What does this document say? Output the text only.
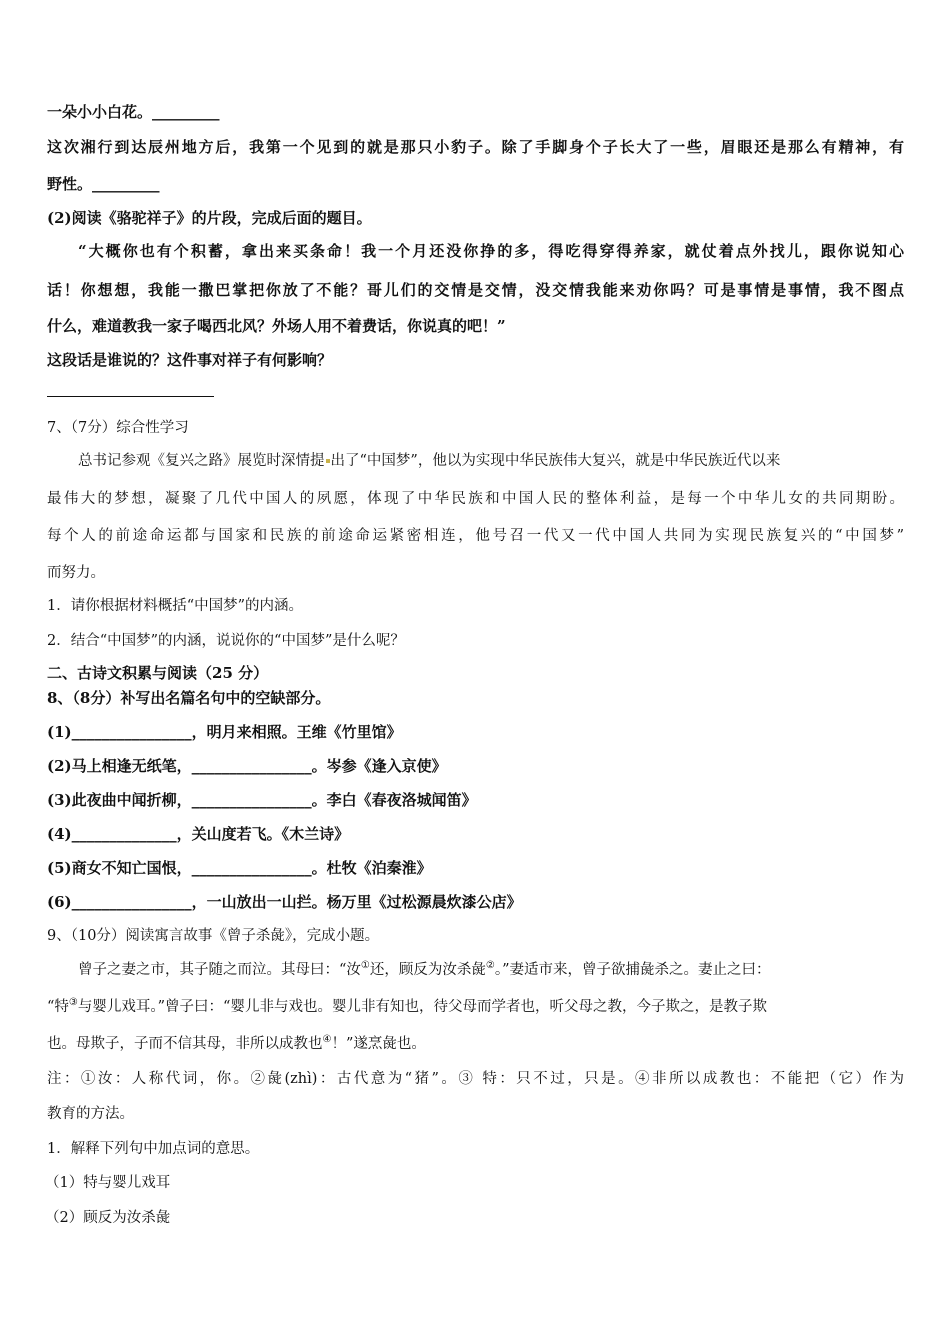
一朵小小白花。_________
这次湘行到达辰州地方后，我第一个见到的就是那只小豹子。除了手脚身个子长大了一些，眉眼还是那么有精神，有
野性。_________
(2)阅读《骆驼祥子》的片段，完成后面的题目。
“大概你也有个积蓄，拿出来买条命！我一个月还没你挣的多，得吃得穿得养家，就仗着点外找儿，跟你说知心
话！你想想，我能一撒巴掌把你放了不能？哥儿们的交情是交情，没交情我能来劝你吗？可是事情是事情，我不图点
什么，难道教我一家子喝西北风？外场人用不着费话，你说真的吧！”
这段话是谁说的？这件事对祥子有何影响？
7、（7分）综合性学习
总书记参观《复兴之路》展览时深情提 出了“中国梦”，他以为实现中华民族伟大复兴，就是中华民族近代以来
最伟大的梦想，凝聚了几代中国人的夙愿，体现了中华民族和中国人民的整体利益，是每一个中华儿女的共同期盼。
每个人的前途命运都与国家和民族的前途命运紧密相连，他号召一代又一代中国人共同为实现民族复兴的“中国梦”
而努力。
1．请你根据材料概括“中国梦”的内涵。
2．结合“中国梦”的内涵，说说你的“中国梦”是什么呢？
二、古诗文积累与阅读（25 分）
8、（8分）补写出名篇名句中的空缺部分。
(1)________________，明月来相照。王维《竹里馆》
(2)马上相逢无纸笔，________________。岑参《逢入京使》
(3)此夜曲中闻折柳，________________。李白《春夜洛城闻笛》
(4)______________，关山度若飞。《木兰诗》
(5)商女不知亡国恨，________________。杜牧《泊秦淮》
(6)________________，一山放出一山拦。杨万里《过松源晨炊漆公店》
9、（10分）阅读寓言故事《曾子杀彘》，完成小题。
曾子之妻之市，其子随之而泣。其母曰：“汝①还，顾反为汝杀彘②。”妻适市来，曾子欲捕彘杀之。妻止之曰：
“特③与婴儿戏耳。”曾子曰：“婴儿非与戏也。婴儿非有知也，待父母而学者也，听父母之教，今子欺之，是教子欺
也。母欺子，子而不信其母，非所以成教也④！”遂烹彘也。
注：①汝：人称代词，你。②彘(zhì)：古代意为“猪”。③ 特：只不过，只是。④非所以成教也：不能把（它）作为
教育的方法。
1．解释下列句中加点词的意思。
（1）特与婴儿戏耳
（2）顾反为汝杀彘
